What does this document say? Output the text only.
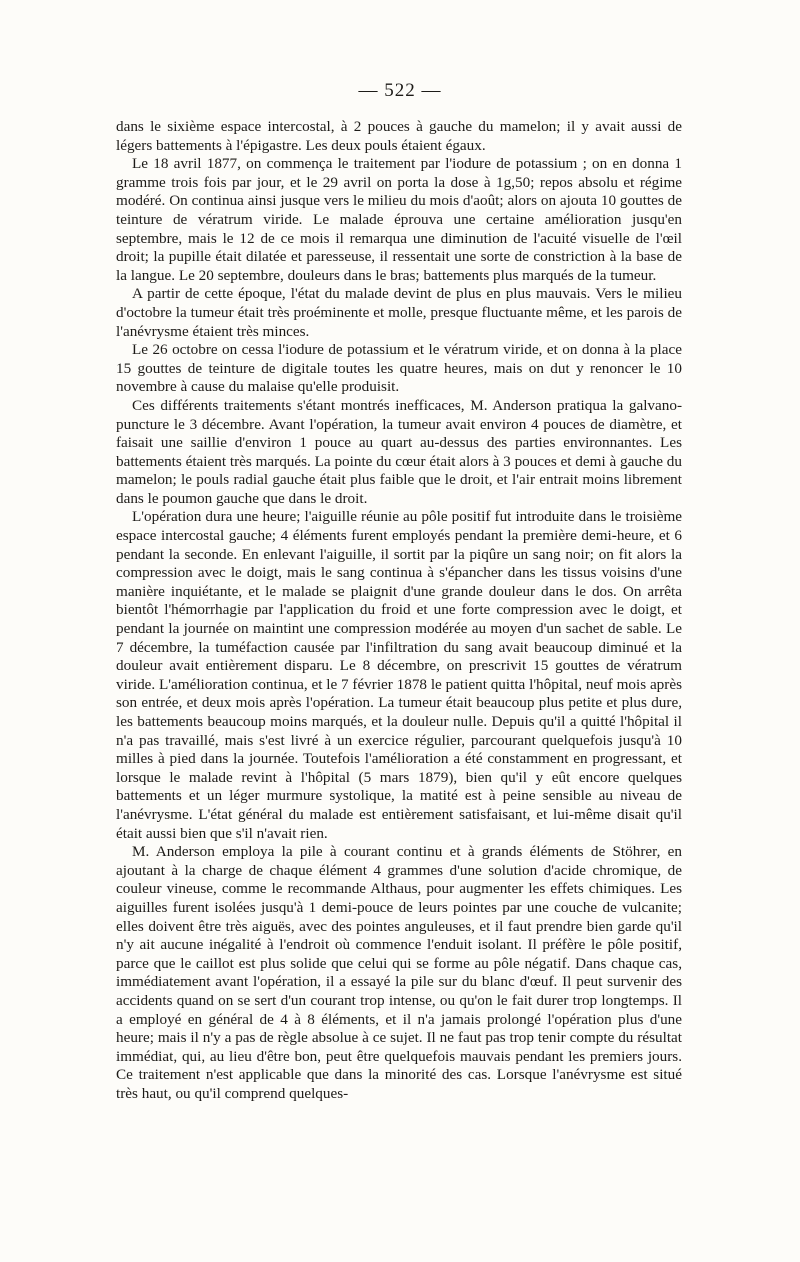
— 522 —

dans le sixième espace intercostal, à 2 pouces à gauche du mamelon; il y avait aussi de légers battements à l'épigastre. Les deux pouls étaient égaux.

Le 18 avril 1877, on commença le traitement par l'iodure de potassium ; on en donna 1 gramme trois fois par jour, et le 29 avril on porta la dose à 1g,50; repos absolu et régime modéré. On continua ainsi jusque vers le milieu du mois d'août; alors on ajouta 10 gouttes de teinture de vératrum viride. Le malade éprouva une certaine amélioration jusqu'en septembre, mais le 12 de ce mois il remarqua une diminution de l'acuité visuelle de l'œil droit; la pupille était dilatée et paresseuse, il ressentait une sorte de constriction à la base de la langue. Le 20 septembre, douleurs dans le bras; battements plus marqués de la tumeur.

A partir de cette époque, l'état du malade devint de plus en plus mauvais. Vers le milieu d'octobre la tumeur était très proéminente et molle, presque fluctuante même, et les parois de l'anévrysme étaient très minces.

Le 26 octobre on cessa l'iodure de potassium et le vératrum viride, et on donna à la place 15 gouttes de teinture de digitale toutes les quatre heures, mais on dut y renoncer le 10 novembre à cause du malaise qu'elle produisit.

Ces différents traitements s'étant montrés inefficaces, M. Anderson pratiqua la galvano-puncture le 3 décembre. Avant l'opération, la tumeur avait environ 4 pouces de diamètre, et faisait une saillie d'environ 1 pouce au quart au-dessus des parties environnantes. Les battements étaient très marqués. La pointe du cœur était alors à 3 pouces et demi à gauche du mamelon; le pouls radial gauche était plus faible que le droit, et l'air entrait moins librement dans le poumon gauche que dans le droit.

L'opération dura une heure; l'aiguille réunie au pôle positif fut introduite dans le troisième espace intercostal gauche; 4 éléments furent employés pendant la première demi-heure, et 6 pendant la seconde. En enlevant l'aiguille, il sortit par la piqûre un sang noir; on fit alors la compression avec le doigt, mais le sang continua à s'épancher dans les tissus voisins d'une manière inquiétante, et le malade se plaignit d'une grande douleur dans le dos. On arrêta bientôt l'hémorrhagie par l'application du froid et une forte compression avec le doigt, et pendant la journée on maintint une compression modérée au moyen d'un sachet de sable. Le 7 décembre, la tuméfaction causée par l'infiltration du sang avait beaucoup diminué et la douleur avait entièrement disparu. Le 8 décembre, on prescrivit 15 gouttes de vératrum viride. L'amélioration continua, et le 7 février 1878 le patient quitta l'hôpital, neuf mois après son entrée, et deux mois après l'opération. La tumeur était beaucoup plus petite et plus dure, les battements beaucoup moins marqués, et la douleur nulle. Depuis qu'il a quitté l'hôpital il n'a pas travaillé, mais s'est livré à un exercice régulier, parcourant quelquefois jusqu'à 10 milles à pied dans la journée. Toutefois l'amélioration a été constamment en progressant, et lorsque le malade revint à l'hôpital (5 mars 1879), bien qu'il y eût encore quelques battements et un léger murmure systolique, la matité est à peine sensible au niveau de l'anévrysme. L'état général du malade est entièrement satisfaisant, et lui-même disait qu'il était aussi bien que s'il n'avait rien.

M. Anderson employa la pile à courant continu et à grands éléments de Stöhrer, en ajoutant à la charge de chaque élément 4 grammes d'une solution d'acide chromique, de couleur vineuse, comme le recommande Althaus, pour augmenter les effets chimiques. Les aiguilles furent isolées jusqu'à 1 demi-pouce de leurs pointes par une couche de vulcanite; elles doivent être très aiguës, avec des pointes anguleuses, et il faut prendre bien garde qu'il n'y ait aucune inégalité à l'endroit où commence l'enduit isolant. Il préfère le pôle positif, parce que le caillot est plus solide que celui qui se forme au pôle négatif. Dans chaque cas, immédiatement avant l'opération, il a essayé la pile sur du blanc d'œuf. Il peut survenir des accidents quand on se sert d'un courant trop intense, ou qu'on le fait durer trop longtemps. Il a employé en général de 4 à 8 éléments, et il n'a jamais prolongé l'opération plus d'une heure; mais il n'y a pas de règle absolue à ce sujet. Il ne faut pas trop tenir compte du résultat immédiat, qui, au lieu d'être bon, peut être quelquefois mauvais pendant les premiers jours. Ce traitement n'est applicable que dans la minorité des cas. Lorsque l'anévrysme est situé très haut, ou qu'il comprend quelques-
